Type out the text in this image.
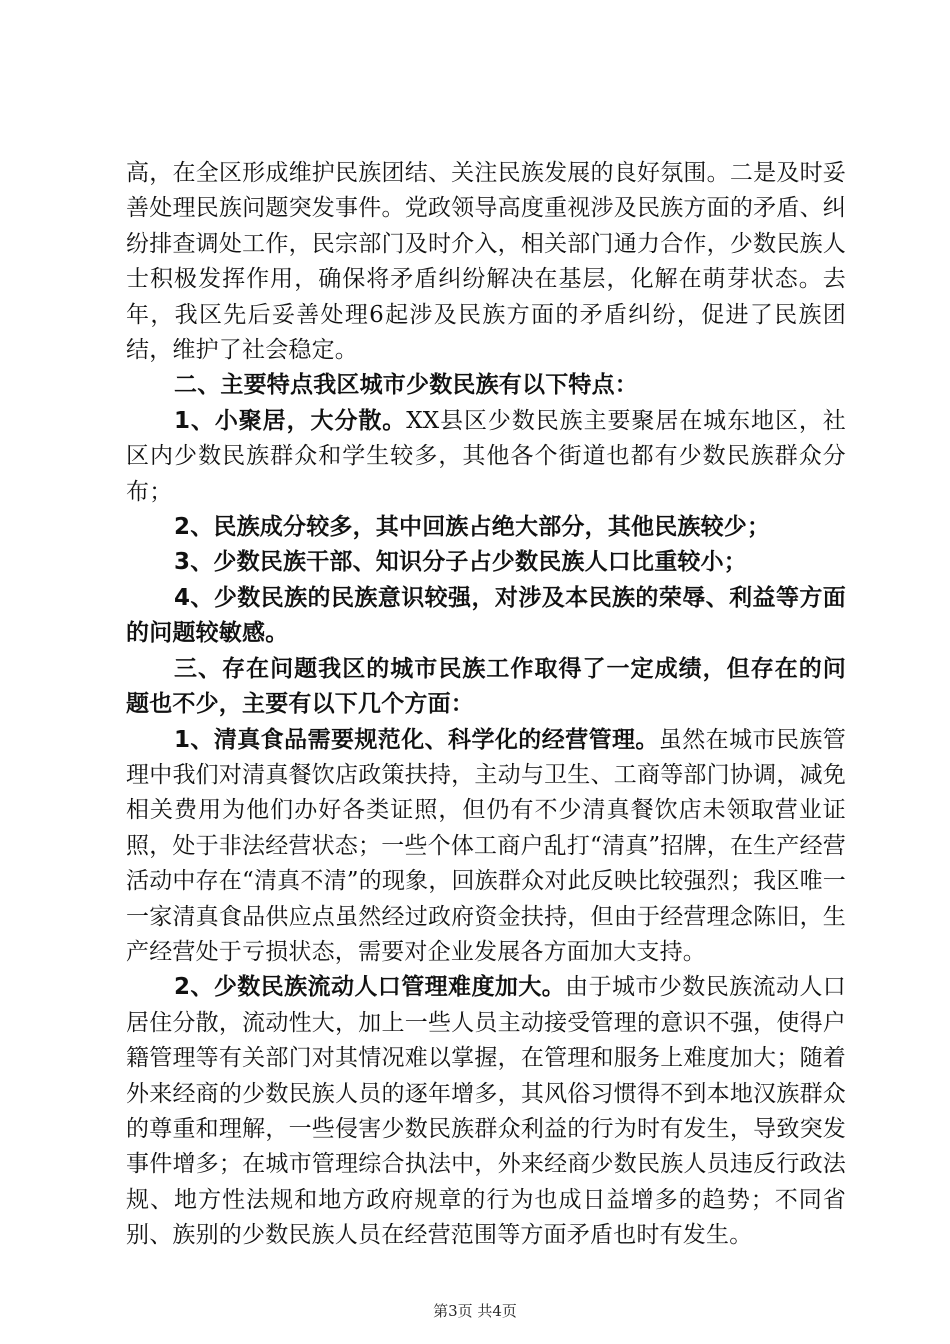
高，在全区形成维护民族团结、关注民族发展的良好氛围。二是及时妥善处理民族问题突发事件。党政领导高度重视涉及民族方面的矛盾、纠纷排查调处工作，民宗部门及时介入，相关部门通力合作，少数民族人士积极发挥作用，确保将矛盾纠纷解决在基层，化解在萌芽状态。去年，我区先后妥善处理6起涉及民族方面的矛盾纠纷，促进了民族团结，维护了社会稳定。

二、主要特点我区城市少数民族有以下特点：

1、小聚居，大分散。XX县区少数民族主要聚居在城东地区，社区内少数民族群众和学生较多，其他各个街道也都有少数民族群众分布；

2、民族成分较多，其中回族占绝大部分，其他民族较少；

3、少数民族干部、知识分子占少数民族人口比重较小；

4、少数民族的民族意识较强，对涉及本民族的荣辱、利益等方面的问题较敏感。

三、存在问题我区的城市民族工作取得了一定成绩，但存在的问题也不少，主要有以下几个方面：

1、清真食品需要规范化、科学化的经营管理。虽然在城市民族管理中我们对清真餐饮店政策扶持，主动与卫生、工商等部门协调，减免相关费用为他们办好各类证照，但仍有不少清真餐饮店未领取营业证照，处于非法经营状态；一些个体工商户乱打“清真”招牌，在生产经营活动中存在“清真不清”的现象，回族群众对此反映比较强烈；我区唯一一家清真食品供应点虽然经过政府资金扶持，但由于经营理念陈旧，生产经营处于亏损状态，需要对企业发展各方面加大支持。

2、少数民族流动人口管理难度加大。由于城市少数民族流动人口居住分散，流动性大，加上一些人员主动接受管理的意识不强，使得户籍管理等有关部门对其情况难以掌握，在管理和服务上难度加大；随着外来经商的少数民族人员的逐年增多，其风俗习惯得不到本地汉族群众的尊重和理解，一些侵害少数民族群众利益的行为时有发生，导致突发事件增多；在城市管理综合执法中，外来经商少数民族人员违反行政法规、地方性法规和地方政府规章的行为也成日益增多的趋势；不同省别、族别的少数民族人员在经营范围等方面矛盾也时有发生。

第3页 共4页
